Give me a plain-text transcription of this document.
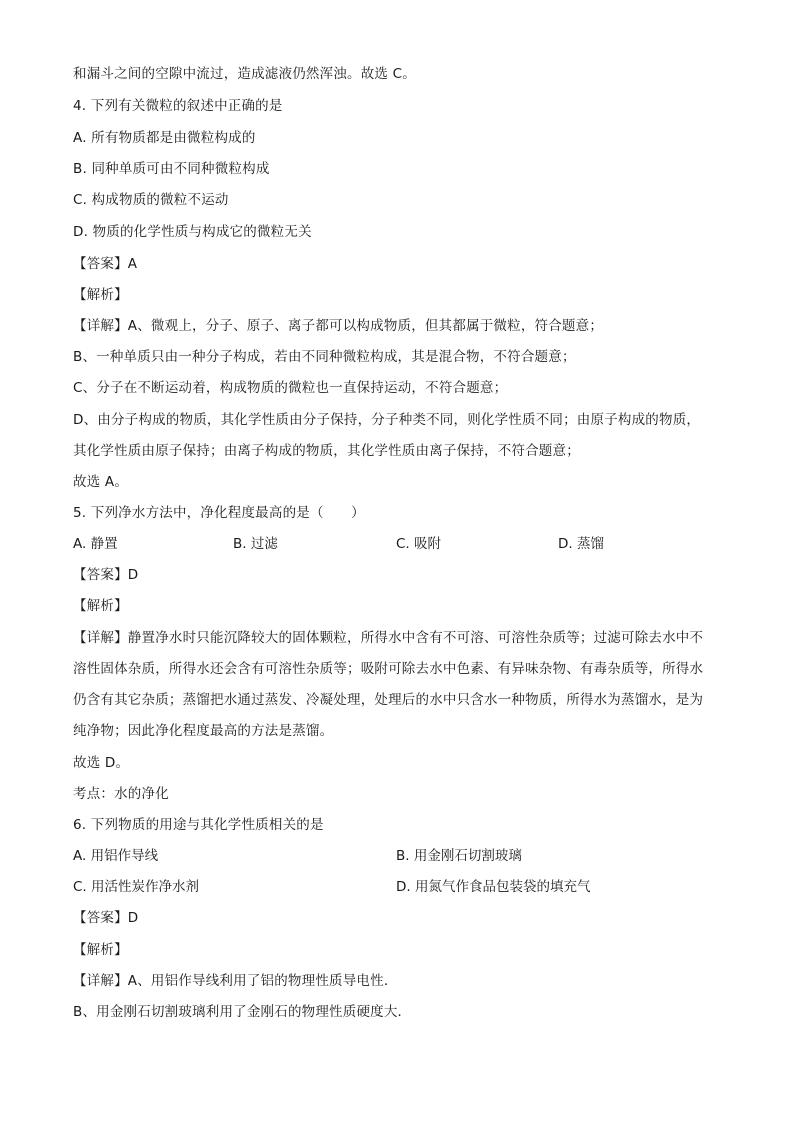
和漏斗之间的空隙中流过，造成滤液仍然浑浊。故选 C。
4. 下列有关微粒的叙述中正确的是
A. 所有物质都是由微粒构成的
B. 同种单质可由不同种微粒构成
C. 构成物质的微粒不运动
D. 物质的化学性质与构成它的微粒无关
【答案】A
【解析】
【详解】A、微观上，分子、原子、离子都可以构成物质，但其都属于微粒，符合题意；
B、一种单质只由一种分子构成，若由不同种微粒构成，其是混合物，不符合题意；
C、分子在不断运动着，构成物质的微粒也一直保持运动，不符合题意；
D、由分子构成的物质，其化学性质由分子保持，分子种类不同，则化学性质不同；由原子构成的物质，
其化学性质由原子保持；由离子构成的物质，其化学性质由离子保持，不符合题意；
故选 A。
5. 下列净水方法中，净化程度最高的是（　　）
A. 静置	B. 过滤	C. 吸附	D. 蒸馏
【答案】D
【解析】
【详解】静置净水时只能沉降较大的固体颗粒，所得水中含有不可溶、可溶性杂质等；过滤可除去水中不
溶性固体杂质，所得水还会含有可溶性杂质等；吸附可除去水中色素、有异味杂物、有毒杂质等，所得水
仍含有其它杂质；蒸馏把水通过蒸发、冷凝处理，处理后的水中只含水一种物质，所得水为蒸馏水，是为
纯净物；因此净化程度最高的方法是蒸馏。
故选 D。
考点：水的净化
6. 下列物质的用途与其化学性质相关的是
A. 用铝作导线	B. 用金刚石切割玻璃
C. 用活性炭作净水剂	D. 用氮气作食品包装袋的填充气
【答案】D
【解析】
【详解】A、用铝作导线利用了铝的物理性质导电性．
B、用金刚石切割玻璃利用了金刚石的物理性质硬度大．
